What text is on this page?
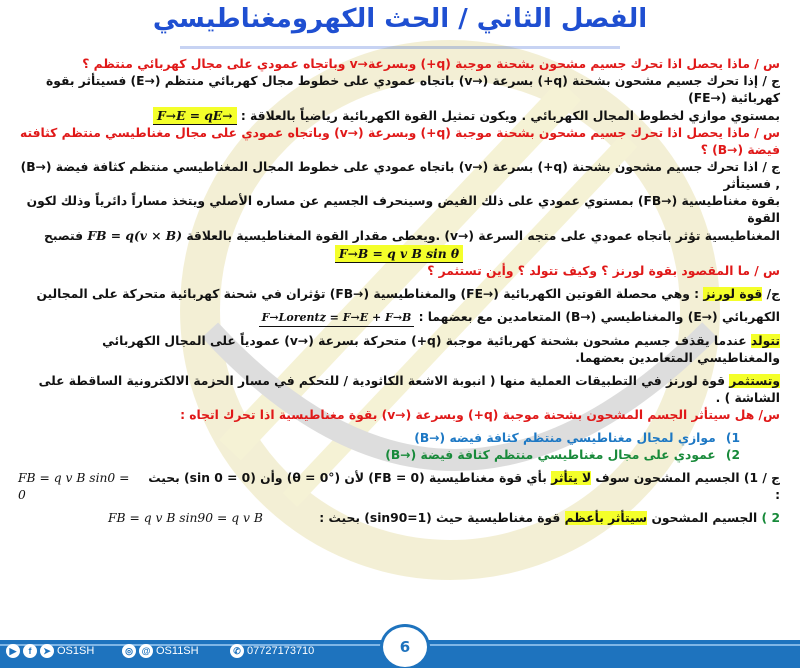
الفصل الثاني / الحث الكهرومغناطيسي

س / ماذا يحصل اذا تحرك جسيم مشحون بشحنة موجبة (q+) وبسرعة→v وباتجاه عمودي على مجال كهربائي منتظم ؟

ج / إذا تحرك جسيم مشحون بشحنة (q+) بسرعة (→v) باتجاه عمودي على خطوط مجال كهربائي منتظم (→E) فسيتأثر بقوة كهربائية (→FE)

بمستوي موازي لخطوط المجال الكهربائي . ويكون تمثيل القوة الكهربائية رياضياً بالعلاقة : F→E = qE→

س / ماذا يحصل اذا تحرك جسيم مشحون بشحنة موجبة (q+) وبسرعة (→v) وباتجاه عمودي على مجال مغناطيسي منتظم كثافته فيضة (→B) ؟

ج / اذا تحرك جسيم مشحون بشحنة (q+) بسرعة (→v) باتجاه عمودي على خطوط المجال المغناطيسي منتظم كثافة فيضة (→B) , فسيتأثر

بقوة مغناطيسية (→FB) بمستوي عمودي على ذلك الفيض وسينحرف الجسيم عن مساره الأصلي ويتخذ مساراً دائرياً وذلك لكون القوة

المغناطيسية تؤثر باتجاه عمودي على متجه السرعة (→v) .ويعطى مقدار القوة المغناطيسية بالعلاقة FB = q(v × B) فتصبح

F→B = q v B sin θ

س / ما المقصود بقوة لورنز ؟ وكيف تتولد ؟ وأين تستثمر ؟

ج/ قوة لورنز : وهي محصلة القوتين الكهربائية (→FE) والمغناطيسية (→FB) تؤثران في شحنة كهربائية متحركة على المجالين

الكهربائي (→E) والمغناطيسي (→B) المتعامدين مع بعضهما : F→Lorentz = F→E + F→B

تتولد عندما يقذف جسيم مشحون بشحنة كهربائية موجبة (q+) متحركة بسرعة (→v) عمودياً على المجال الكهربائي والمغناطيسي المتعامدين بعضهما.

وتستثمر قوة لورنز في التطبيقات العملية منها ( انبوبة الاشعة الكاثودية / للتحكم في مسار الحزمة الالكترونية الساقطة على الشاشة ) .

س/ هل سيتأثر الجسم المشحون بشحنة موجبة (q+) وبسرعة (→v) بقوة مغناطيسية اذا تحرك اتجاه :

1) موازي لمجال مغناطيسي منتظم كثافة فيضه (→B)

2) عمودي على مجال مغناطيسي منتظم كثافة فيضة (→B)

ج / 1) الجسيم المشحون سوف لا يتأثر بأي قوة مغناطيسية (FB = 0) لأن (θ = 0°) وأن (sin 0 = 0) بحيث :
FB = q v B sin0 = 0
2 ) الجسيم المشحون سيتأثر بأعظم قوة مغناطيسية حيث (sin90=1) بحيث :
FB = q v B sin90 = q v B
▶	f	➤ OS1SH	◎ @ OS11SH	✆ 07727173710	6
